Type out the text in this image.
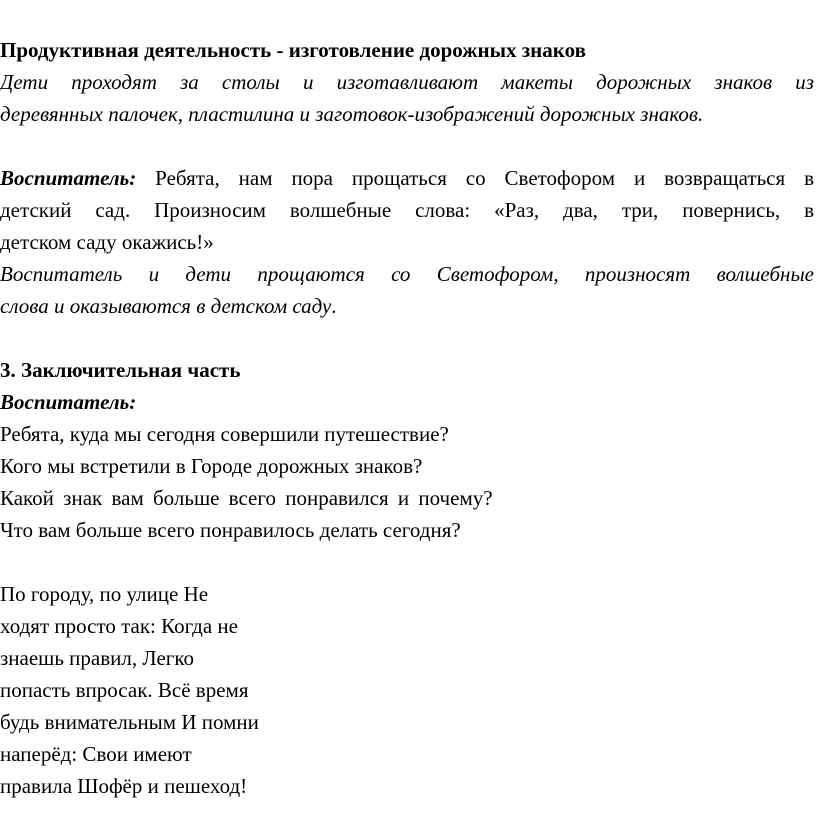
Продуктивная деятельность - изготовление дорожных знаков
Дети проходят за столы и изготавливают макеты дорожных знаков из
деревянных палочек, пластилина и заготовок-изображений дорожных знаков.
Воспитатель: Ребята, нам пора прощаться со Светофором и возвращаться в
детский сад. Произносим волшебные слова: «Раз, два, три, повернись, в
детском саду окажись!»
Воспитатель и дети прощаются со Светофором, произносят волшебные
слова и оказываются в детском саду.
3. Заключительная часть
Воспитатель:
Ребята, куда мы сегодня совершили путешествие?
Кого мы встретили в Городе дорожных знаков?
Какой знак вам больше всего понравился и почему?
Что вам больше всего понравилось делать сегодня?
По городу, по улице Не
ходят просто так: Когда не
знаешь правил, Легко
попасть впросак. Всё время
будь внимательным И помни
наперёд: Свои имеют
правила Шофёр и пешеход!
